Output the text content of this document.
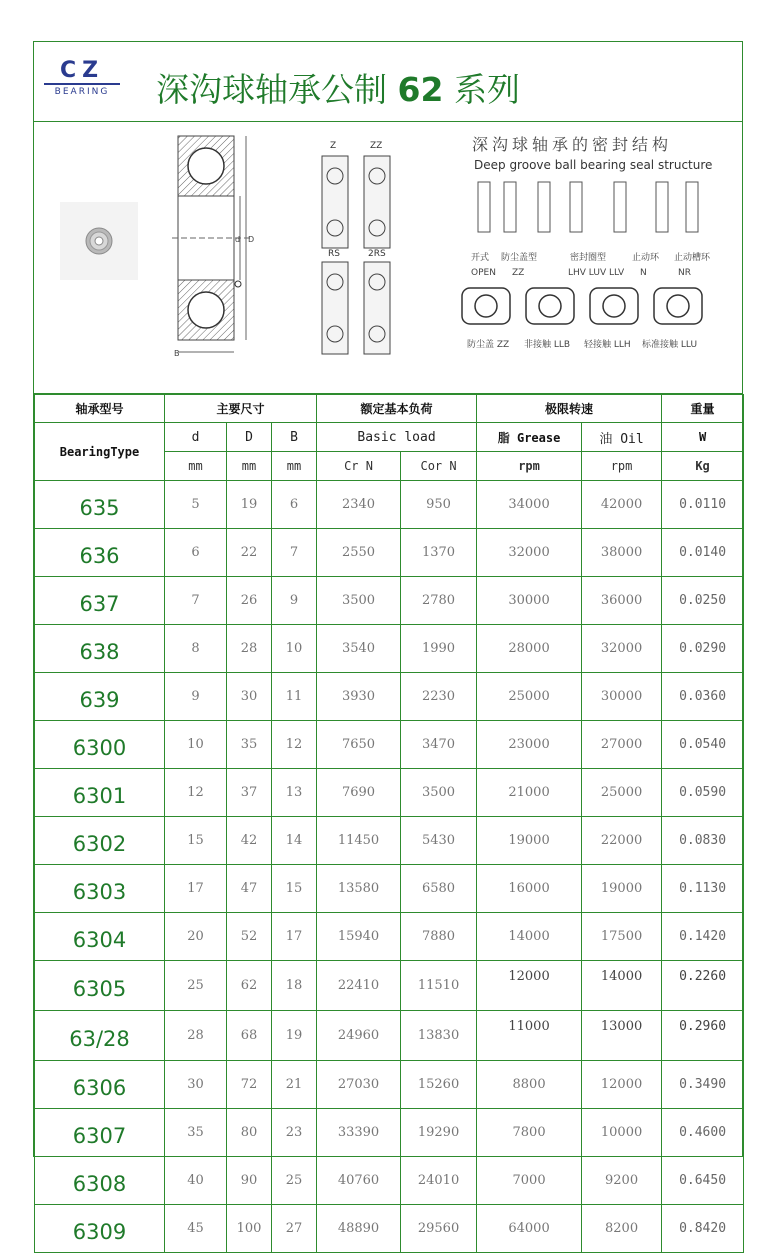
CZ
BEARING	深沟球轴承公制 62 系列
B
d D
Z	ZZ
RS	2RS
深沟球轴承的密封结构
Deep groove ball bearing seal structure
开式 防尘盖型	密封圈型	止动环 止动槽环
OPEN ZZ	LHV LUV LLV N	NR
防尘盖 ZZ 非接触 LLB 轻接触 LLH 标准接触 LLU
轴承型号	主要尺寸			额定基本负荷		极限转速		重量
BearingType	d	D	B	Basic load		脂 Grease	油 Oil	W
	mm	mm	mm	Cr N	Cor N	rpm	rpm	Kg
635	5	19	6	2340	950	34000	42000	0.0110
636	6	22	7	2550	1370	32000	38000	0.0140
637	7	26	9	3500	2780	30000	36000	0.0250
638	8	28	10	3540	1990	28000	32000	0.0290
639	9	30	11	3930	2230	25000	30000	0.0360
6300	10	35	12	7650	3470	23000	27000	0.0540
6301	12	37	13	7690	3500	21000	25000	0.0590
6302	15	42	14	11450	5430	19000	22000	0.0830
6303	17	47	15	13580	6580	16000	19000	0.1130
6304	20	52	17	15940	7880	14000	17500	0.1420
6305	25	62	18	22410	11510	12000	14000	0.2260
63/28	28	68	19	24960	13830	11000	13000	0.2960
6306	30	72	21	27030	15260	8800	12000	0.3490
6307	35	80	23	33390	19290	7800	10000	0.4600
6308	40	90	25	40760	24010	7000	9200	0.6450
6309	45	100	27	48890	29560	64000	8200	0.8420
